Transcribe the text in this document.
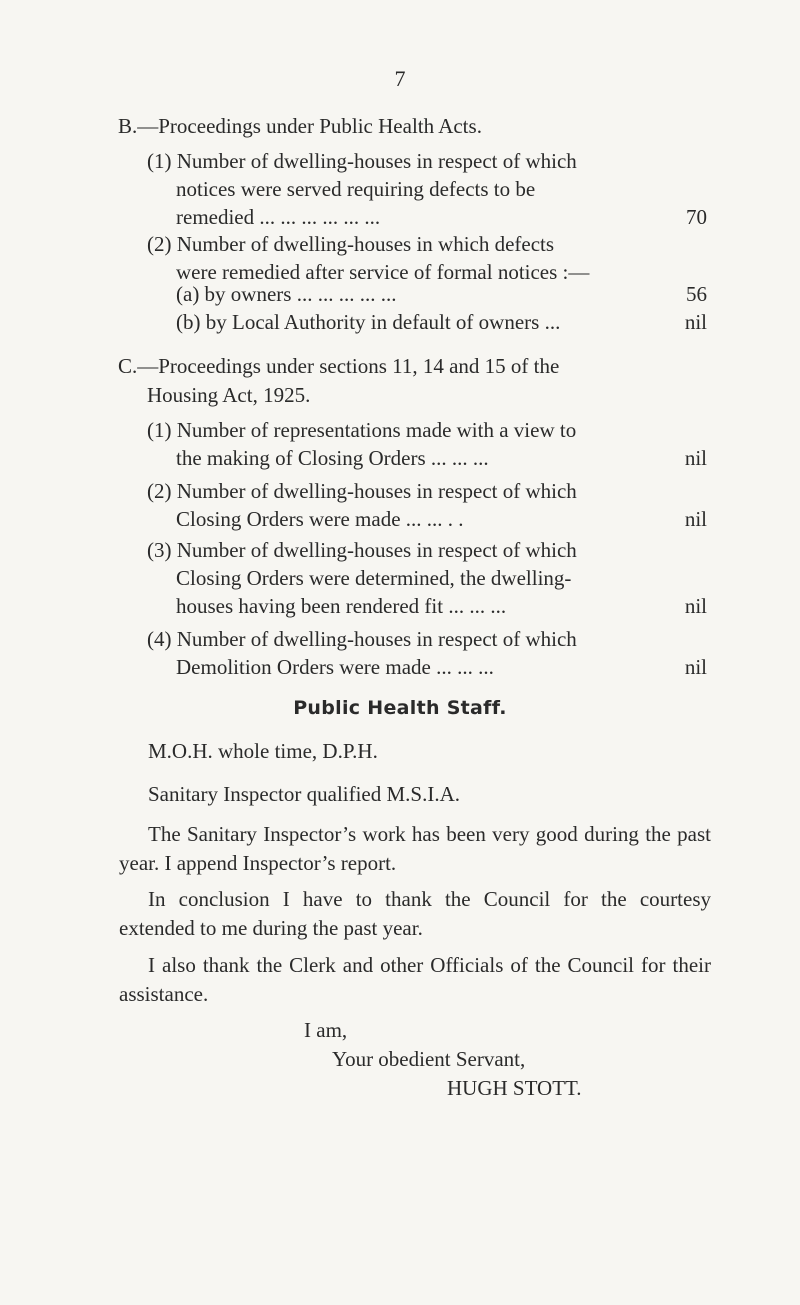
7
B.—Proceedings under Public Health Acts.
(1) Number of dwelling-houses in respect of which
notices were served requiring defects to be
remedied ... ... ... ... ... ...	70
(2) Number of dwelling-houses in which defects
were remedied after service of formal notices :—
(a) by owners ... ... ... ... ...	56
(b) by Local Authority in default of owners ...	nil
C.—Proceedings under sections 11, 14 and 15 of the
Housing Act, 1925.
(1) Number of representations made with a view to
the making of Closing Orders ... ... ...	nil
(2) Number of dwelling-houses in respect of which
Closing Orders were made ... ... . .	nil
(3) Number of dwelling-houses in respect of which
Closing Orders were determined, the dwelling-
houses having been rendered fit ... ... ...	nil
(4) Number of dwelling-houses in respect of which
Demolition Orders were made ... ... ...	nil
Public Health Staff.
M.O.H. whole time, D.P.H.
Sanitary Inspector qualified M.S.I.A.
The Sanitary Inspector’s work has been very good during the past year. I append Inspector’s report.
In conclusion I have to thank the Council for the courtesy extended to me during the past year.
I also thank the Clerk and other Officials of the Council for their assistance.
I am,
Your obedient Servant,
HUGH STOTT.
